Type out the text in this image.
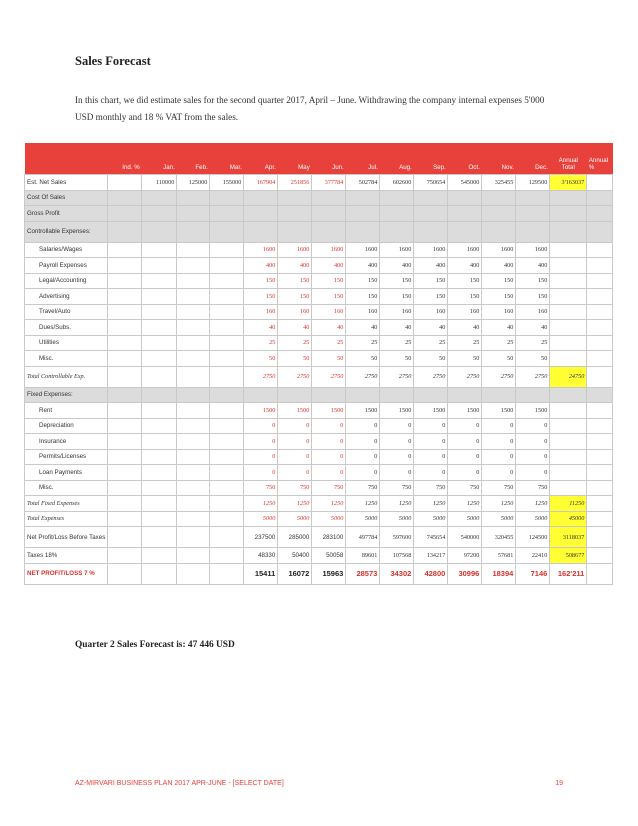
Sales Forecast
In this chart, we did estimate sales for the second quarter 2017, April – June. Withdrawing the company internal expenses 5'000 USD monthly and 18 % VAT from the sales.
	Ind. %	Jan.	Feb.	Mar.	Apr.	May	Jun.	Jul.	Aug.	Sep.	Oct.	Nov.	Dec.	Annual Total	Annual %
Est. Net Sales		110000	125000	155000	167904	251856	377784	502784	602600	750654	545000	325455	129500	3'163037	
Cost Of Sales															
Gross Profit															
Controllable Expenses:															
Salaries/Wages					1600	1600	1600	1600	1600	1600	1600	1600	1600		
Payroll Expenses					400	400	400	400	400	400	400	400	400		
Legal/Accounting					150	150	150	150	150	150	150	150	150		
Advertising					150	150	150	150	150	150	150	150	150		
Travel/Auto					160	160	160	160	160	160	160	160	160		
Dues/Subs.					40	40	40	40	40	40	40	40	40		
Utilities					25	25	25	25	25	25	25	25	25		
Misc.					50	50	50	50	50	50	50	50	50		
Total Controllable Exp.					2750	2750	2750	2750	2750	2750	2750	2750	2750	24750	
Fixed Expenses:															
Rent					1500	1500	1500	1500	1500	1500	1500	1500	1500		
Depreciation					0	0	0	0	0	0	0	0	0		
Insurance					0	0	0	0	0	0	0	0	0		
Permits/Licenses					0	0	0	0	0	0	0	0	0		
Loan Payments					0	0	0	0	0	0	0	0	0		
Misc.					750	750	750	750	750	750	750	750	750		
Total Fixed Expenses					1250	1250	1250	1250	1250	1250	1250	1250	1250	11250	
Total Expenses					5000	5000	5000	5000	5000	5000	5000	5000	5000	45000	
Net Profit/Loss Before Taxes					237500	285000	283100	497784	597600	745654	540000	320455	124500	3118037	
Taxes 18%					48330	50400	50058	89601	107568	134217	97200	57681	22410	508677	
NET PROFIT/LOSS 7 %					15411	16072	15963	28573	34302	42800	30996	18394	7146	162'211	
Quarter 2 Sales Forecast is: 47 446 USD
AZ-MIRVARI BUSINESS PLAN 2017 APR-JUNE - [SELECT DATE]	19
